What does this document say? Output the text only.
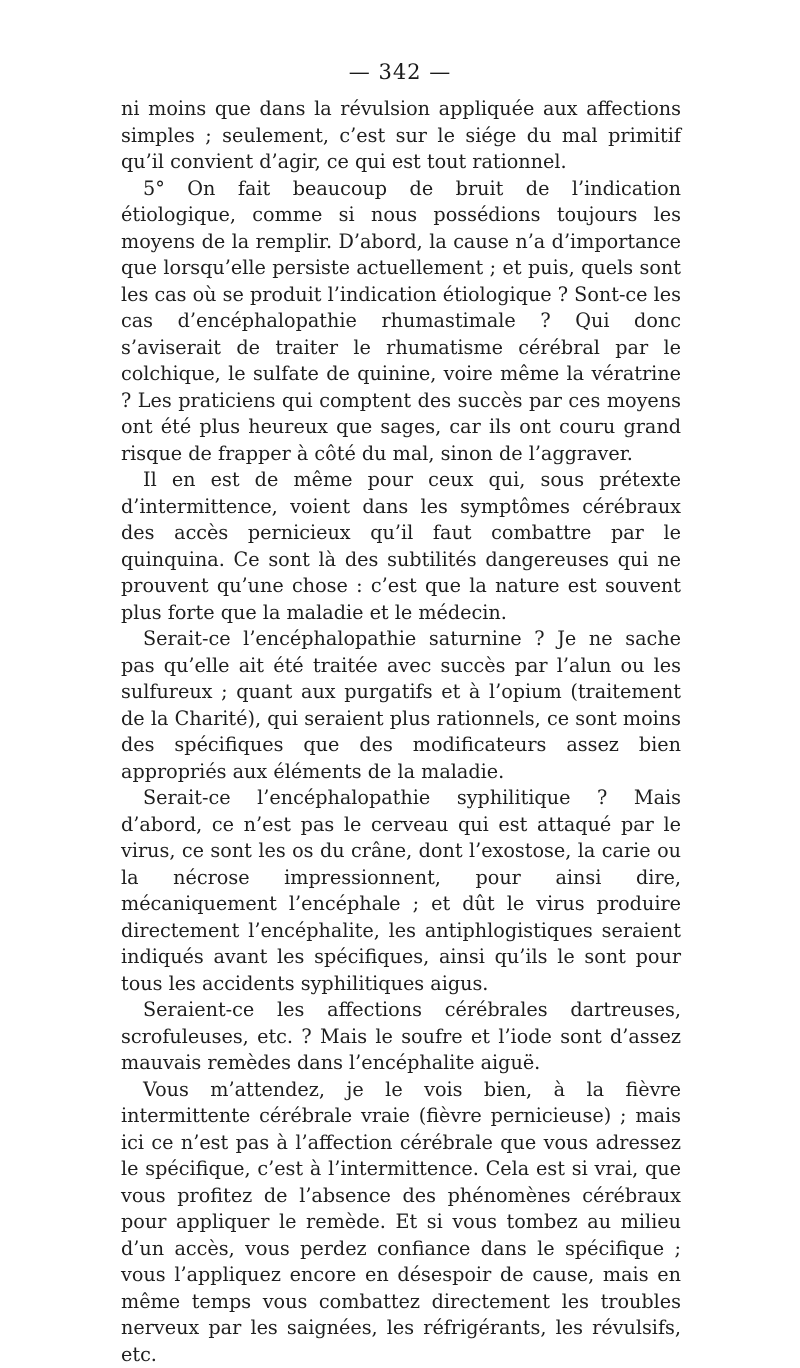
— 342 —

ni moins que dans la révulsion appliquée aux affections simples ; seulement, c’est sur le siége du mal primitif qu’il convient d’agir, ce qui est tout rationnel.

5° On fait beaucoup de bruit de l’indication étiologique, comme si nous possédions toujours les moyens de la remplir. D’abord, la cause n’a d’importance que lorsqu’elle persiste actuellement ; et puis, quels sont les cas où se produit l’indication étiologique ? Sont-ce les cas d’encéphalopathie rhumastimale ? Qui donc s’aviserait de traiter le rhumatisme cérébral par le colchique, le sulfate de quinine, voire même la vératrine ? Les praticiens qui comptent des succès par ces moyens ont été plus heureux que sages, car ils ont couru grand risque de frapper à côté du mal, sinon de l’aggraver.

Il en est de même pour ceux qui, sous prétexte d’intermittence, voient dans les symptômes cérébraux des accès pernicieux qu’il faut combattre par le quinquina. Ce sont là des subtilités dangereuses qui ne prouvent qu’une chose : c’est que la nature est souvent plus forte que la maladie et le médecin.

Serait-ce l’encéphalopathie saturnine ? Je ne sache pas qu’elle ait été traitée avec succès par l’alun ou les sulfureux ; quant aux purgatifs et à l’opium (traitement de la Charité), qui seraient plus rationnels, ce sont moins des spécifiques que des modificateurs assez bien appropriés aux éléments de la maladie.

Serait-ce l’encéphalopathie syphilitique ? Mais d’abord, ce n’est pas le cerveau qui est attaqué par le virus, ce sont les os du crâne, dont l’exostose, la carie ou la nécrose impressionnent, pour ainsi dire, mécaniquement l’encéphale ; et dût le virus produire directement l’encéphalite, les antiphlogistiques seraient indiqués avant les spécifiques, ainsi qu’ils le sont pour tous les accidents syphilitiques aigus.

Seraient-ce les affections cérébrales dartreuses, scrofuleuses, etc. ? Mais le soufre et l’iode sont d’assez mauvais remèdes dans l’encéphalite aiguë.

Vous m’attendez, je le vois bien, à la fièvre intermittente cérébrale vraie (fièvre pernicieuse) ; mais ici ce n’est pas à l’affection cérébrale que vous adressez le spécifique, c’est à l’intermittence. Cela est si vrai, que vous profitez de l’absence des phénomènes cérébraux pour appliquer le remède. Et si vous tombez au milieu d’un accès, vous perdez confiance dans le spécifique ; vous l’appliquez encore en désespoir de cause, mais en même temps vous combattez directement les troubles nerveux par les saignées, les réfrigérants, les révulsifs, etc.
